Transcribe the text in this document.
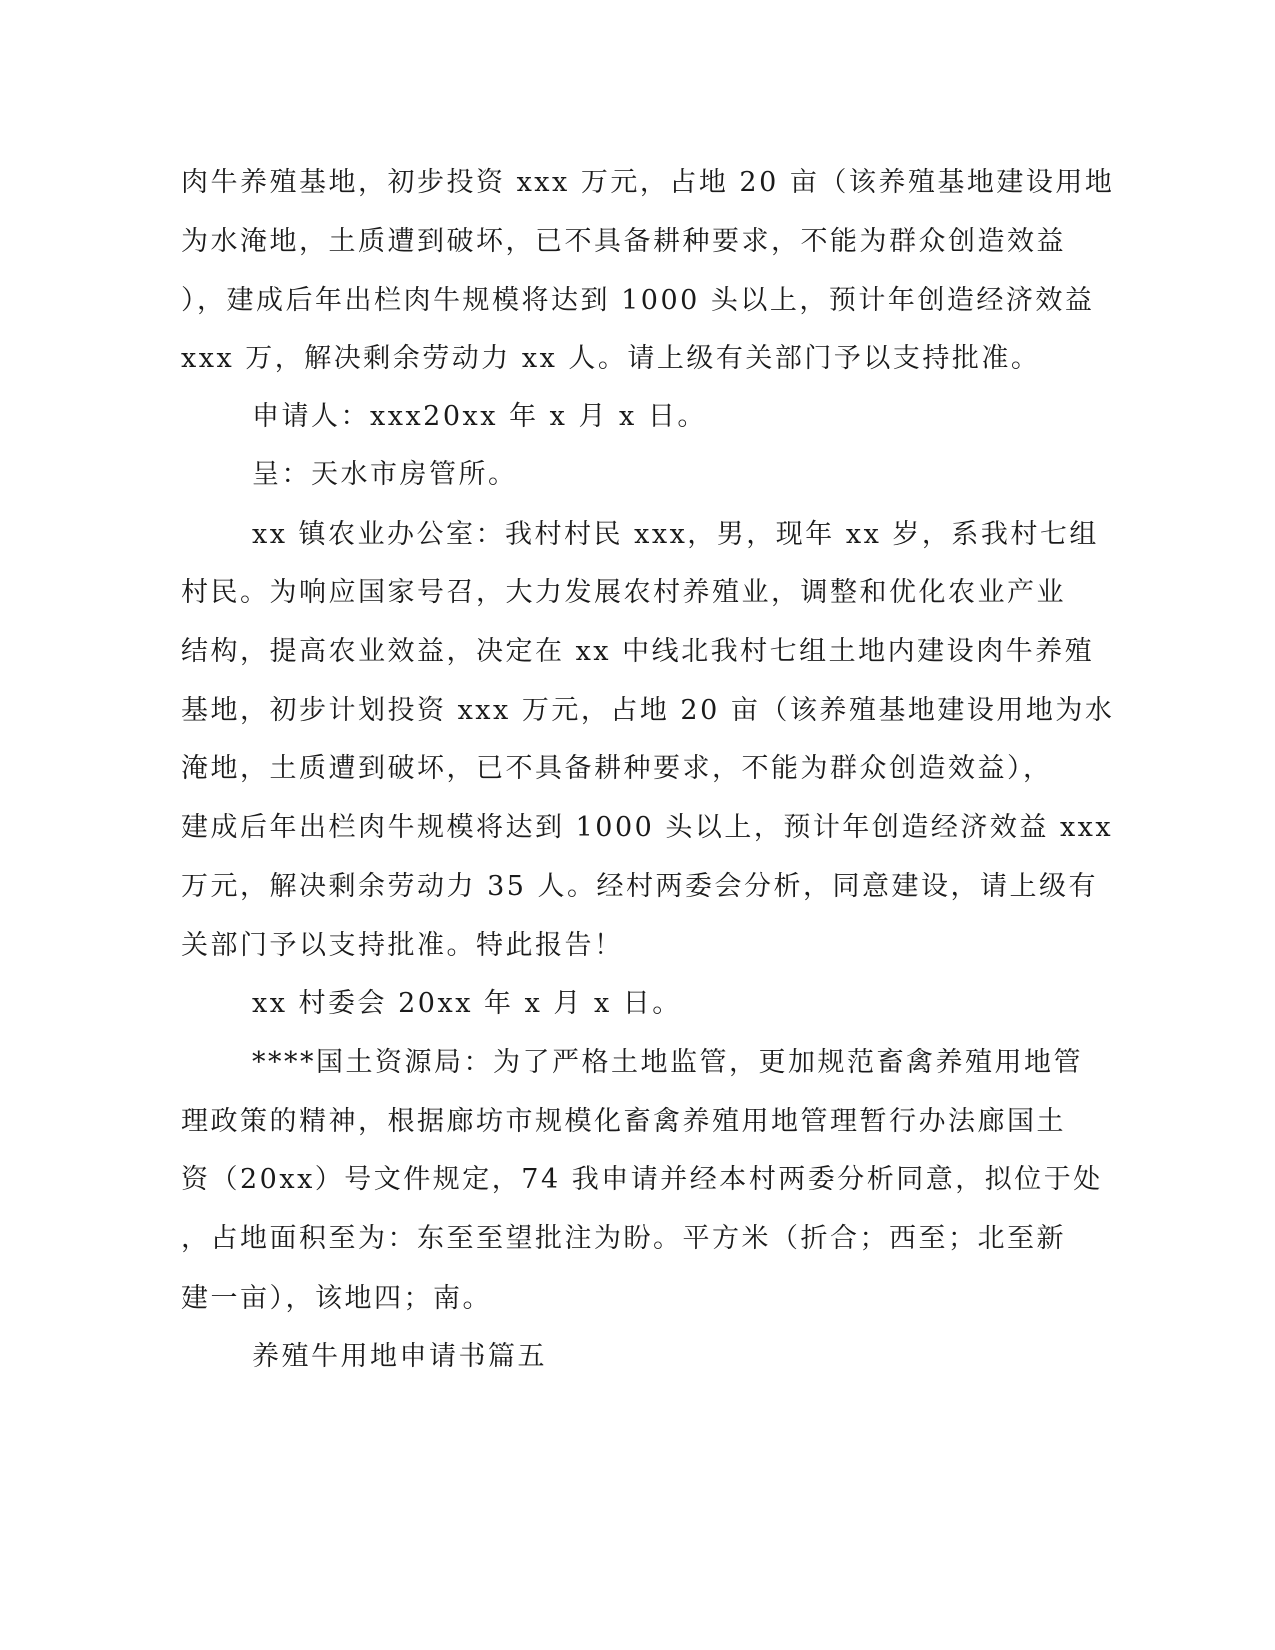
肉牛养殖基地，初步投资 xxx 万元，占地 20 亩（该养殖基地建设用地
为水淹地，土质遭到破坏，已不具备耕种要求，不能为群众创造效益
），建成后年出栏肉牛规模将达到 1000 头以上，预计年创造经济效益
xxx 万，解决剩余劳动力 xx 人。请上级有关部门予以支持批准。
申请人：xxx20xx 年 x 月 x 日。
呈：天水市房管所。
xx 镇农业办公室：我村村民 xxx，男，现年 xx 岁，系我村七组
村民。为响应国家号召，大力发展农村养殖业，调整和优化农业产业
结构，提高农业效益，决定在 xx 中线北我村七组土地内建设肉牛养殖
基地，初步计划投资 xxx 万元，占地 20 亩（该养殖基地建设用地为水
淹地，土质遭到破坏，已不具备耕种要求，不能为群众创造效益），
建成后年出栏肉牛规模将达到 1000 头以上，预计年创造经济效益 xxx
万元，解决剩余劳动力 35 人。经村两委会分析，同意建设，请上级有
关部门予以支持批准。特此报告！
xx 村委会 20xx 年 x 月 x 日。
****国土资源局：为了严格土地监管，更加规范畜禽养殖用地管
理政策的精神，根据廊坊市规模化畜禽养殖用地管理暂行办法廊国土
资（20xx）号文件规定，74 我申请并经本村两委分析同意，拟位于处
，占地面积至为：东至至望批注为盼。平方米（折合；西至；北至新
建一亩），该地四；南。
养殖牛用地申请书篇五
